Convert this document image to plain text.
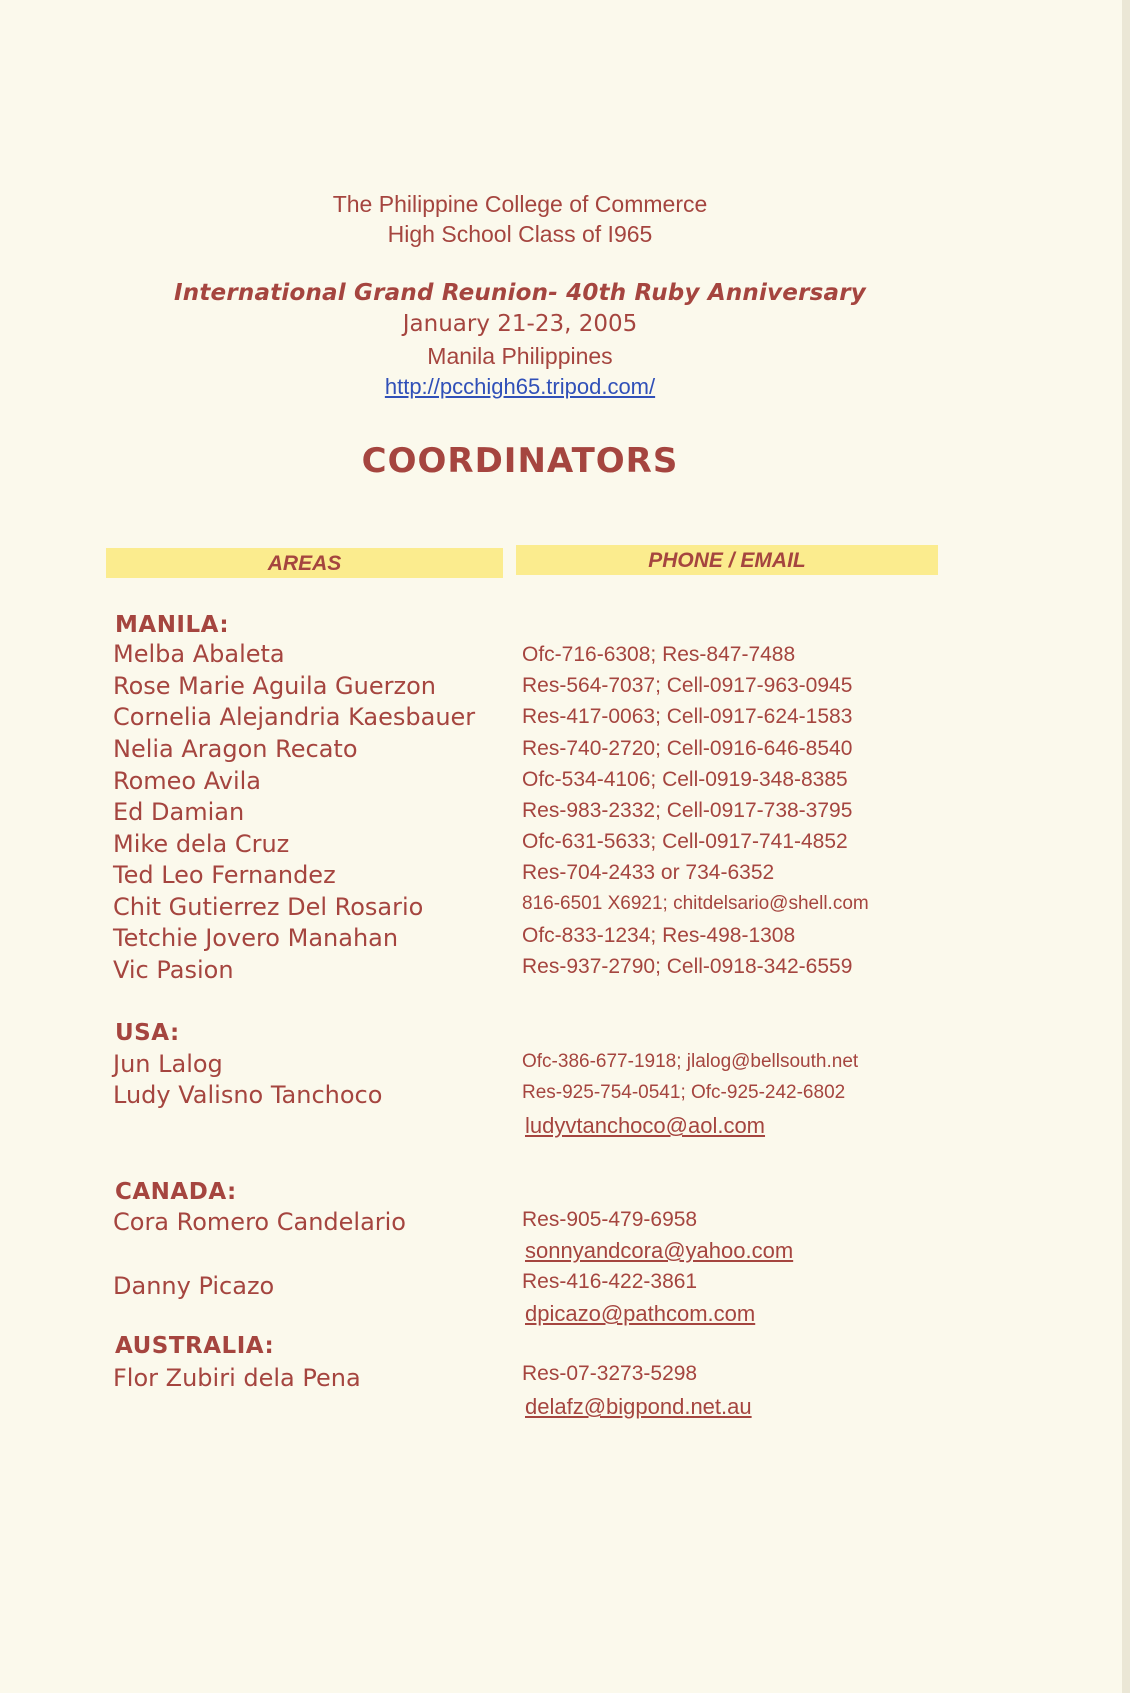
The Philippine College of Commerce
High School Class of I965
International Grand Reunion- 40th Ruby Anniversary
January 21-23, 2005
Manila Philippines
http://pcchigh65.tripod.com/
COORDINATORS
AREAS	PHONE / EMAIL
MANILA:
Melba Abaleta	Ofc-716-6308; Res-847-7488
Rose Marie Aguila Guerzon	Res-564-7037; Cell-0917-963-0945
Cornelia Alejandria Kaesbauer Res-417-0063; Cell-0917-624-1583
Nelia Aragon Recato	Res-740-2720; Cell-0916-646-8540
Romeo Avila	Ofc-534-4106; Cell-0919-348-8385
Ed Damian	Res-983-2332; Cell-0917-738-3795
Mike dela Cruz	Ofc-631-5633; Cell-0917-741-4852
Ted Leo Fernandez	Res-704-2433 or 734-6352
Chit Gutierrez Del Rosario	816-6501 X6921; chitdelsario@shell.com
Tetchie Jovero Manahan	Ofc-833-1234; Res-498-1308
Vic Pasion	Res-937-2790; Cell-0918-342-6559
USA:
Jun Lalog	Ofc-386-677-1918; jlalog@bellsouth.net
Ludy Valisno Tanchoco	Res-925-754-0541; Ofc-925-242-6802
ludyvtanchoco@aol.com
CANADA:
Cora Romero Candelario	Res-905-479-6958
sonnyandcora@yahoo.com
Danny Picazo	Res-416-422-3861
dpicazo@pathcom.com
AUSTRALIA:
Flor Zubiri dela Pena	Res-07-3273-5298
delafz@bigpond.net.au
